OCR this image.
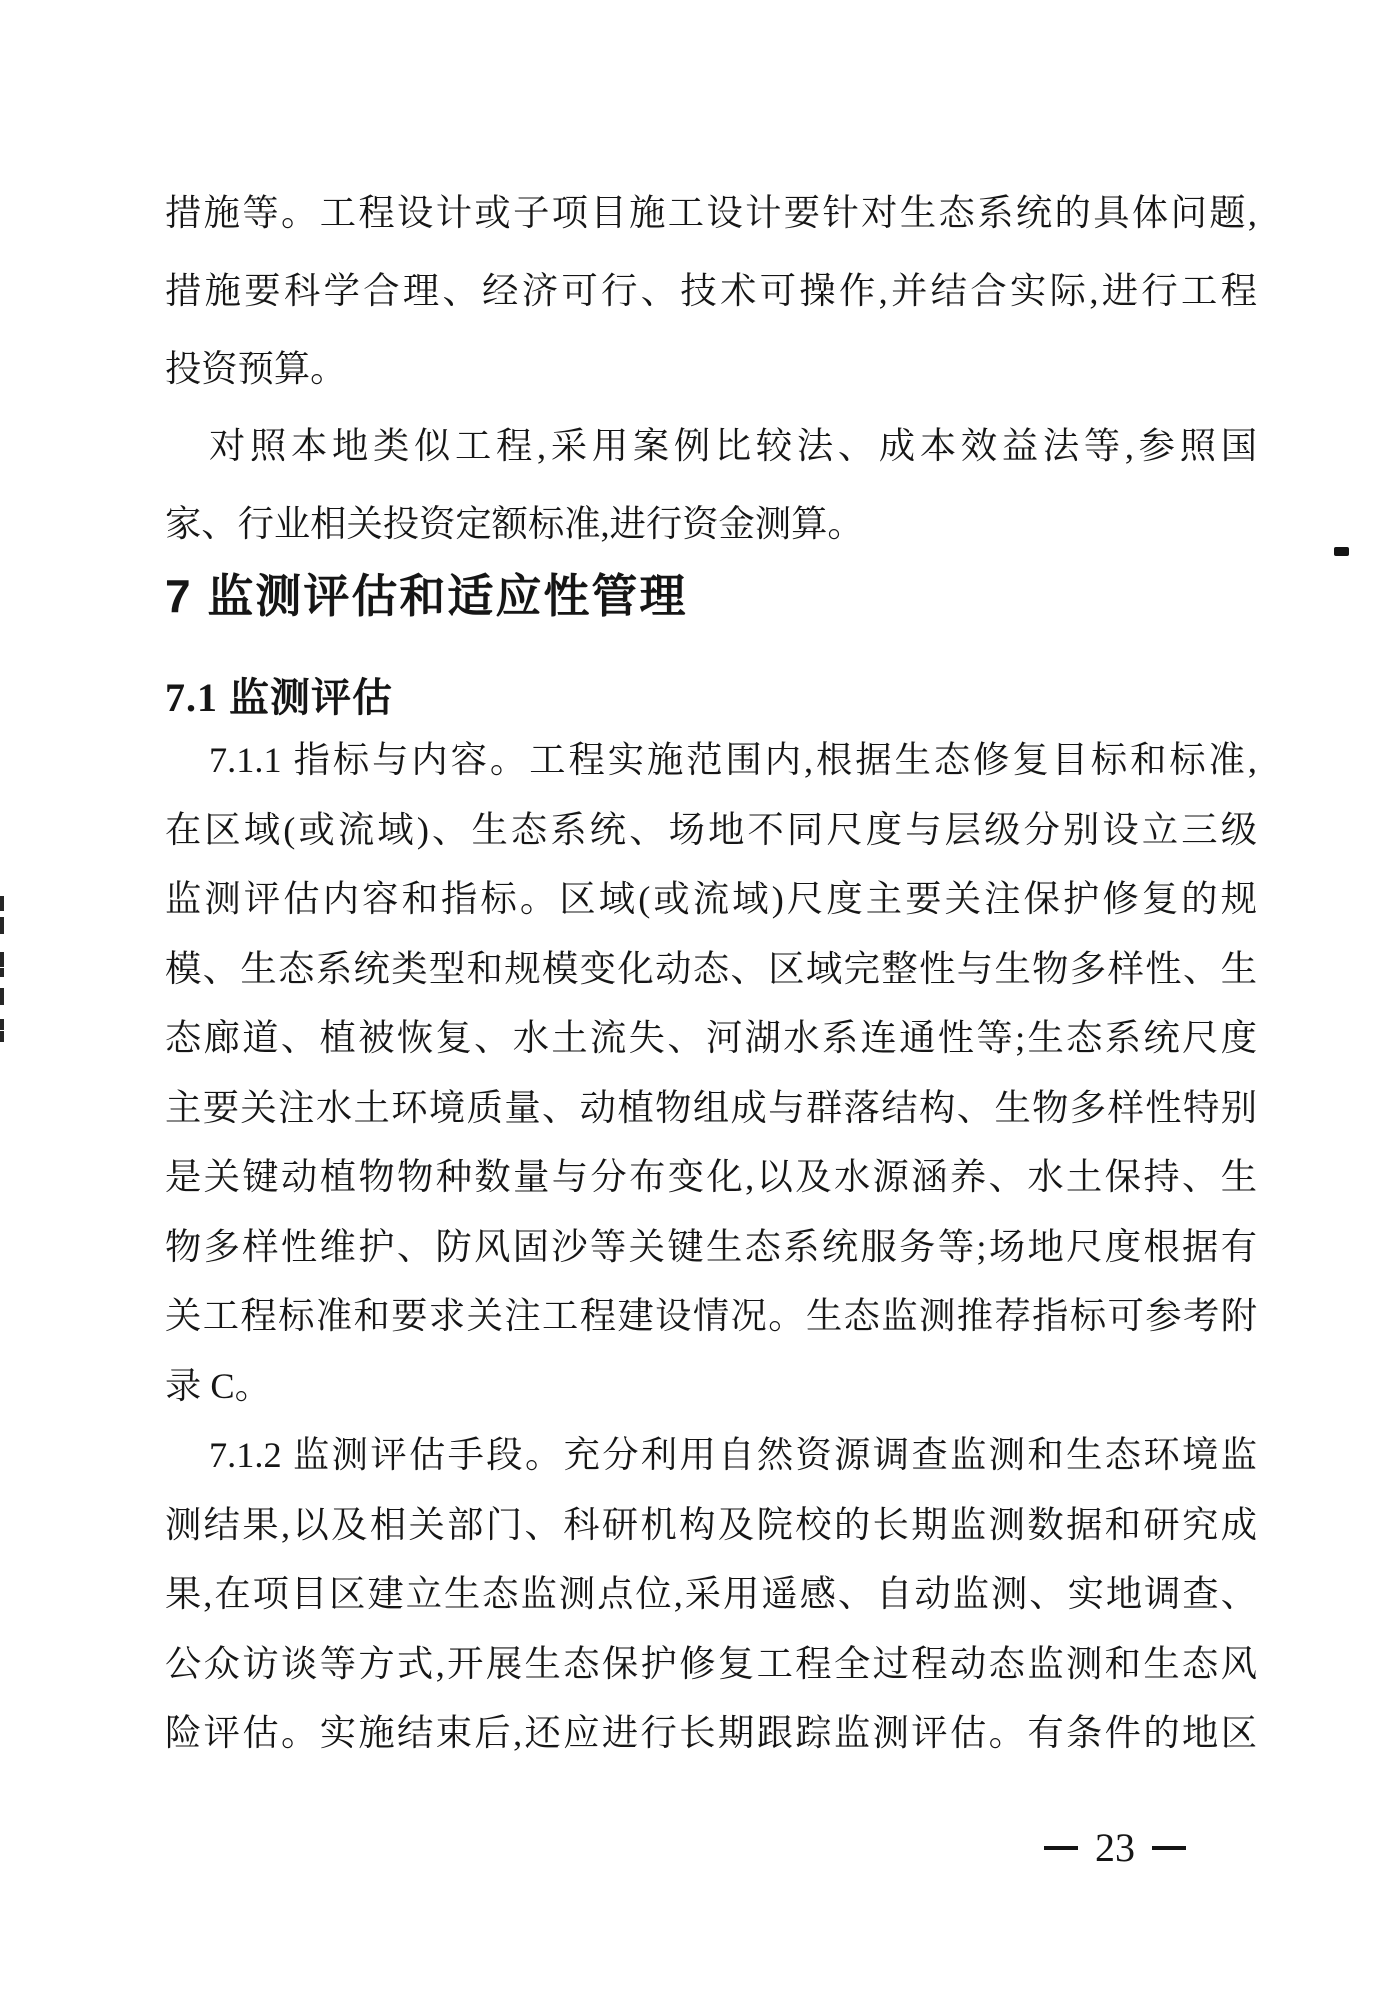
措施等。工程设计或子项目施工设计要针对生态系统的具体问题,
措施要科学合理、经济可行、技术可操作,并结合实际,进行工程
投资预算。
对照本地类似工程,采用案例比较法、成本效益法等,参照国
家、行业相关投资定额标准,进行资金测算。
7 监测评估和适应性管理
7.1 监测评估
7.1.1 指标与内容。工程实施范围内,根据生态修复目标和标准,
在区域(或流域)、生态系统、场地不同尺度与层级分别设立三级
监测评估内容和指标。区域(或流域)尺度主要关注保护修复的规
模、生态系统类型和规模变化动态、区域完整性与生物多样性、生
态廊道、植被恢复、水土流失、河湖水系连通性等;生态系统尺度
主要关注水土环境质量、动植物组成与群落结构、生物多样性特别
是关键动植物物种数量与分布变化,以及水源涵养、水土保持、生
物多样性维护、防风固沙等关键生态系统服务等;场地尺度根据有
关工程标准和要求关注工程建设情况。生态监测推荐指标可参考附
录 C。
7.1.2 监测评估手段。充分利用自然资源调查监测和生态环境监
测结果,以及相关部门、科研机构及院校的长期监测数据和研究成
果,在项目区建立生态监测点位,采用遥感、自动监测、实地调查、
公众访谈等方式,开展生态保护修复工程全过程动态监测和生态风
险评估。实施结束后,还应进行长期跟踪监测评估。有条件的地区
23
